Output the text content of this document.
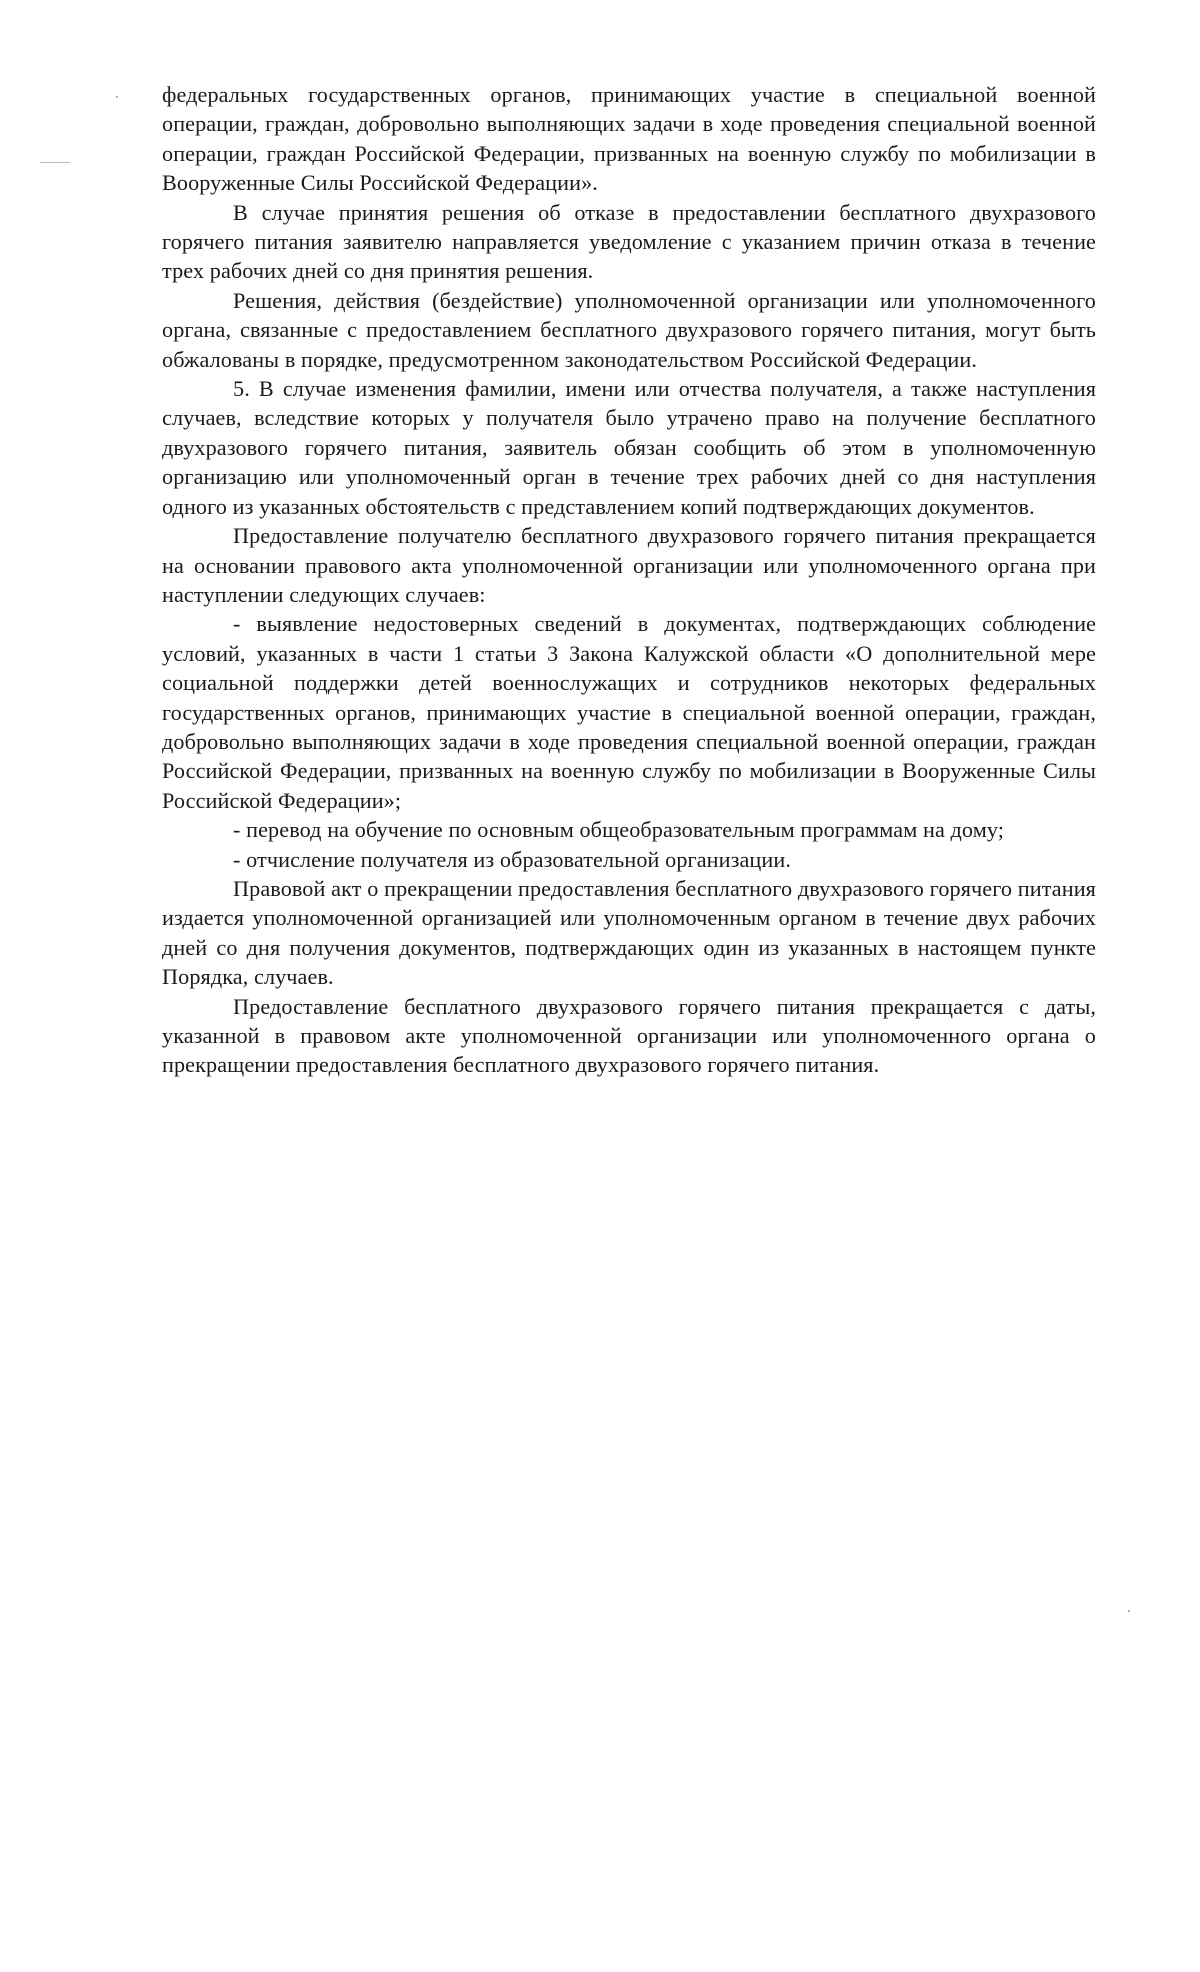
федеральных государственных органов, принимающих участие в специальной военной операции, граждан, добровольно выполняющих задачи в ходе проведения специальной военной операции, граждан Российской Федерации, призванных на военную службу по мобилизации в Вооруженные Силы Российской Федерации».

В случае принятия решения об отказе в предоставлении бесплатного двухразового горячего питания заявителю направляется уведомление с указанием причин отказа в течение трех рабочих дней со дня принятия решения.

Решения, действия (бездействие) уполномоченной организации или уполномоченного органа, связанные с предоставлением бесплатного двухразового горячего питания, могут быть обжалованы в порядке, предусмотренном законодательством Российской Федерации.

5. В случае изменения фамилии, имени или отчества получателя, а также наступления случаев, вследствие которых у получателя было утрачено право на получение бесплатного двухразового горячего питания, заявитель обязан сообщить об этом в уполномоченную организацию или уполномоченный орган в течение трех рабочих дней со дня наступления одного из указанных обстоятельств с представлением копий подтверждающих документов.

Предоставление получателю бесплатного двухразового горячего питания прекращается на основании правового акта уполномоченной организации или уполномоченного органа при наступлении следующих случаев:

- выявление недостоверных сведений в документах, подтверждающих соблюдение условий, указанных в части 1 статьи 3 Закона Калужской области «О дополнительной мере социальной поддержки детей военнослужащих и сотрудников некоторых федеральных государственных органов, принимающих участие в специальной военной операции, граждан, добровольно выполняющих задачи в ходе проведения специальной военной операции, граждан Российской Федерации, призванных на военную службу по мобилизации в Вооруженные Силы Российской Федерации»;

- перевод на обучение по основным общеобразовательным программам на дому;

- отчисление получателя из образовательной организации.

Правовой акт о прекращении предоставления бесплатного двухразового горячего питания издается уполномоченной организацией или уполномоченным органом в течение двух рабочих дней со дня получения документов, подтверждающих один из указанных в настоящем пункте Порядка, случаев.

Предоставление бесплатного двухразового горячего питания прекращается с даты, указанной в правовом акте уполномоченной организации или уполномоченного органа о прекращении предоставления бесплатного двухразового горячего питания.
